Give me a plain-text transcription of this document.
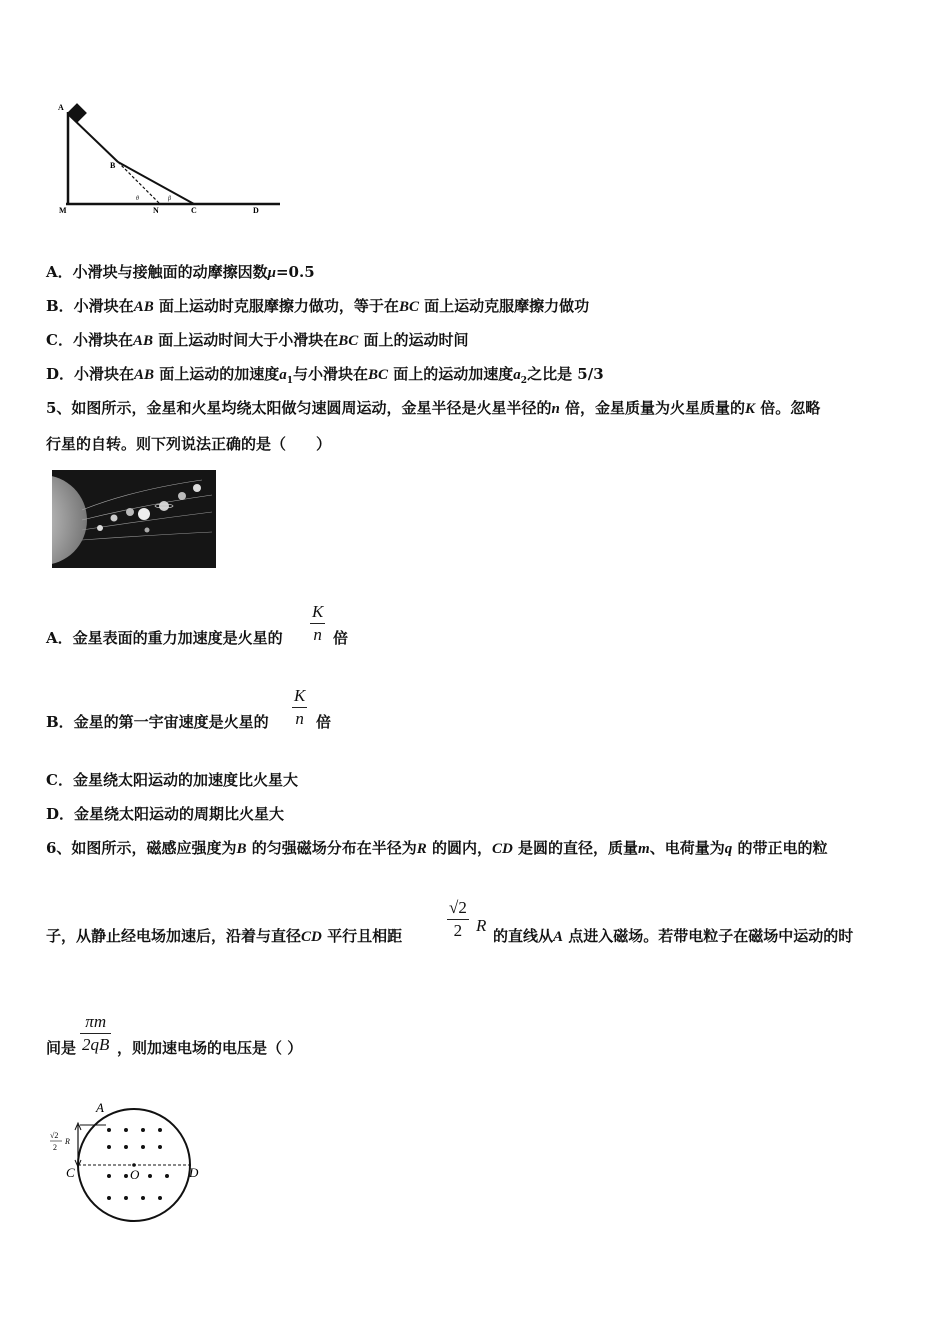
A
B
M	N	C	D
θ	β
A．小滑块与接触面的动摩擦因数μ=0.5
B．小滑块在AB 面上运动时克服摩擦力做功，等于在BC 面上运动克服摩擦力做功
C．小滑块在AB 面上运动时间大于小滑块在BC 面上的运动时间
D．小滑块在AB 面上运动的加速度$a_1$与小滑块在BC 面上的运动加速度$a_2$之比是 5/3
5、如图所示，金星和火星均绕太阳做匀速圆周运动，金星半径是火星半径的n 倍，金星质量为火星质量的K 倍。忽略
行星的自转。则下列说法正确的是（　　）
A．金星表面的重力加速度是火星的
K
n 倍
B．金星的第一宇宙速度是火星的
K
n 倍
C．金星绕太阳运动的加速度比火星大
D．金星绕太阳运动的周期比火星大
6、如图所示，磁感应强度为B 的匀强磁场分布在半径为R 的圆内，CD 是圆的直径，质量m、电荷量为q 的带正电的粒
子，从静止经电场加速后，沿着与直径CD 平行且相距
√2
2 R
的直线从A 点进入磁场。若带电粒子在磁场中运动的时
间是
πm
2qB ，则加速电场的电压是（ ）
A
C	D
O
√2
2
R
